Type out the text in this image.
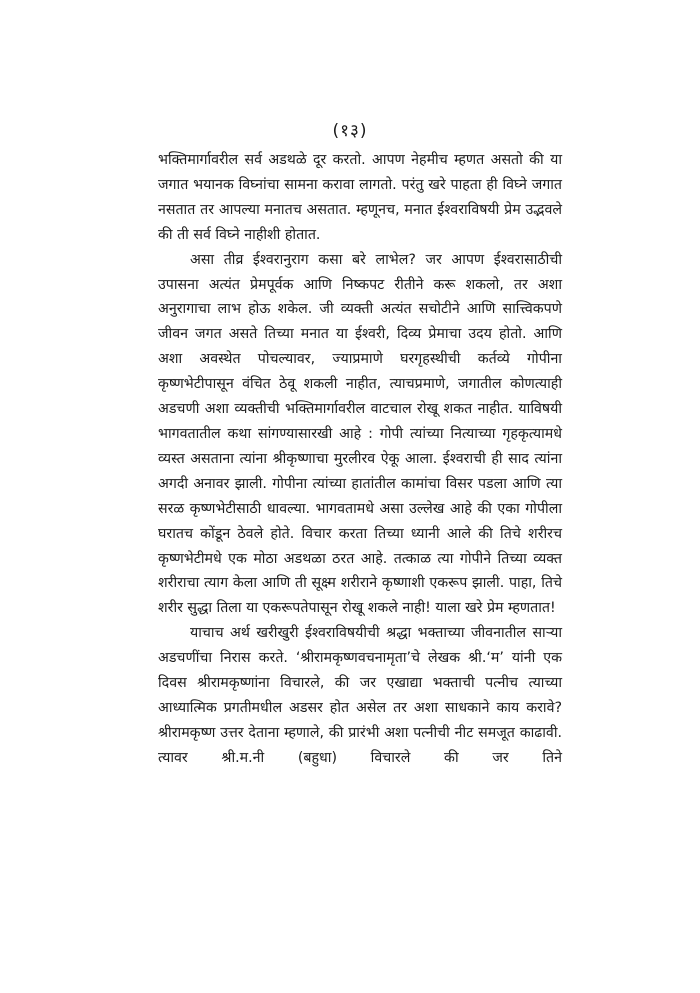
(१३)

भक्तिमार्गावरील सर्व अडथळे दूर करतो. आपण नेहमीच म्हणत असतो की या जगात भयानक विघ्नांचा सामना करावा लागतो. परंतु खरे पाहता ही विघ्ने जगात नसतात तर आपल्या मनातच असतात. म्हणूनच, मनात ईश्वराविषयी प्रेम उद्भवले की ती सर्व विघ्ने नाहीशी होतात.

असा तीव्र ईश्वरानुराग कसा बरे लाभेल? जर आपण ईश्वरासाठीची उपासना अत्यंत प्रेमपूर्वक आणि निष्कपट रीतीने करू शकलो, तर अशा अनुरागाचा लाभ होऊ शकेल. जी व्यक्ती अत्यंत सचोटीने आणि सात्त्विकपणे जीवन जगत असते तिच्या मनात या ईश्वरी, दिव्य प्रेमाचा उदय होतो. आणि अशा अवस्थेत पोचल्यावर, ज्याप्रमाणे घरगृहस्थीची कर्तव्ये गोपीना कृष्णभेटीपासून वंचित ठेवू शकली नाहीत, त्याचप्रमाणे, जगातील कोणत्याही अडचणी अशा व्यक्तीची भक्तिमार्गावरील वाटचाल रोखू शकत नाहीत. याविषयी भागवतातील कथा सांगण्यासारखी आहे : गोपी त्यांच्या नित्याच्या गृहकृत्यामधे व्यस्त असताना त्यांना श्रीकृष्णाचा मुरलीरव ऐकू आला. ईश्वराची ही साद त्यांना अगदी अनावर झाली. गोपीना त्यांच्या हातांतील कामांचा विसर पडला आणि त्या सरळ कृष्णभेटीसाठी धावल्या. भागवतामधे असा उल्लेख आहे की एका गोपीला घरातच कोंडून ठेवले होते. विचार करता तिच्या ध्यानी आले की तिचे शरीरच कृष्णभेटीमधे एक मोठा अडथळा ठरत आहे. तत्काळ त्या गोपीने तिच्या व्यक्त शरीराचा त्याग केला आणि ती सूक्ष्म शरीराने कृष्णाशी एकरूप झाली. पाहा, तिचे शरीर सुद्धा तिला या एकरूपतेपासून रोखू शकले नाही! याला खरे प्रेम म्हणतात!

याचाच अर्थ खरीखुरी ईश्वराविषयीची श्रद्धा भक्ताच्या जीवनातील साऱ्या अडचणींचा निरास करते. ‘श्रीरामकृष्णवचनामृता’चे लेखक श्री.‘म’ यांनी एक दिवस श्रीरामकृष्णांना विचारले, की जर एखाद्या भक्ताची पत्नीच त्याच्या आध्यात्मिक प्रगतीमधील अडसर होत असेल तर अशा साधकाने काय करावे? श्रीरामकृष्ण उत्तर देताना म्हणाले, की प्रारंभी अशा पत्नीची नीट समजूत काढावी. त्यावर श्री.म.नी (बहुधा) विचारले की जर तिने
